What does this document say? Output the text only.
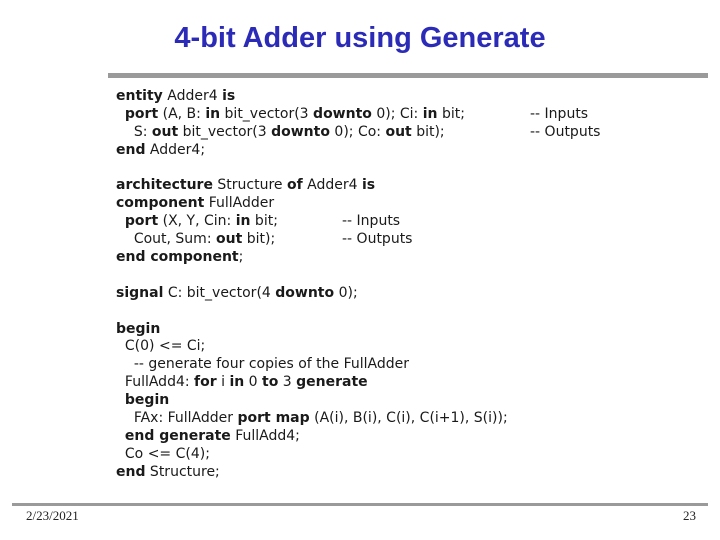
4-bit Adder using Generate
entity Adder4 is
port (A, B: in bit_vector(3 downto 0); Ci: in bit;	-- Inputs
S: out bit_vector(3 downto 0); Co: out bit);	-- Outputs
end Adder4;
architecture Structure of Adder4 is
component FullAdder
port (X, Y, Cin: in bit;	-- Inputs
Cout, Sum: out bit);	-- Outputs
end component;
signal C: bit_vector(4 downto 0);
begin
C(0) <= Ci;
-- generate four copies of the FullAdder
FullAdd4: for i in 0 to 3 generate
begin
FAx: FullAdder port map (A(i), B(i), C(i), C(i+1), S(i));
end generate FullAdd4;
Co <= C(4);
end Structure;
2/23/2021	23
